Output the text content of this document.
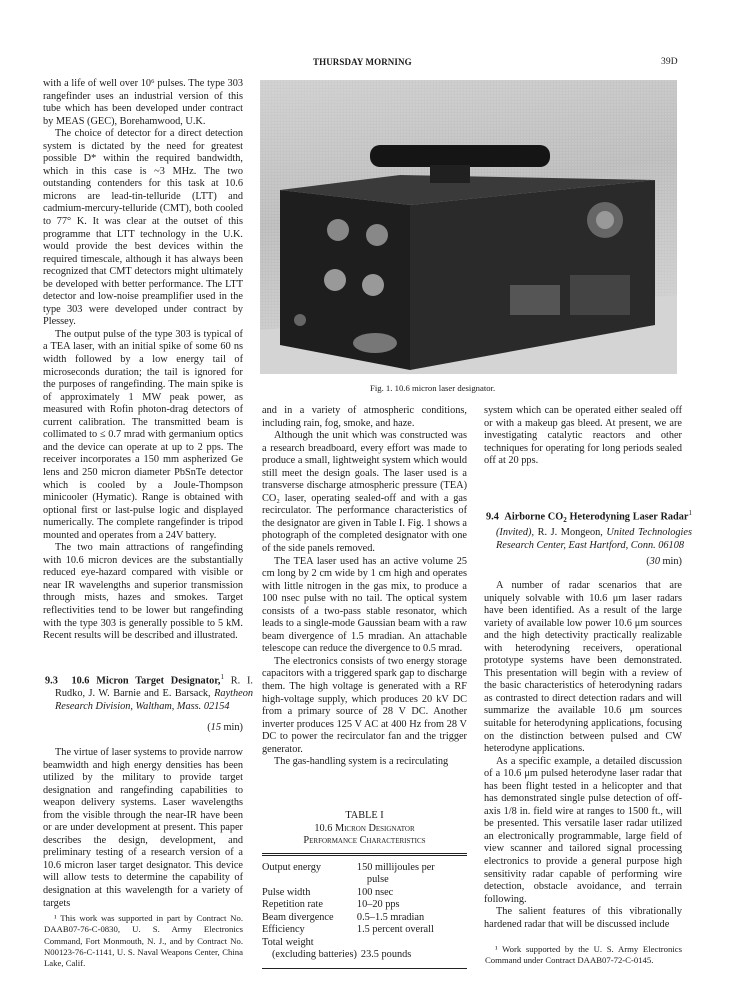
THURSDAY MORNING	39D

with a life of well over 10⁶ pulses. The type 303 rangefinder uses an industrial version of this tube which has been developed under contract by MEAS (GEC), Borehamwood, U.K.

The choice of detector for a direct detection system is dictated by the need for greatest possible D* within the required bandwidth, which in this case is ~3 MHz. The two outstanding contenders for this task at 10.6 microns are lead-tin-telluride (LTT) and cadmium-mercury-telluride (CMT), both cooled to 77° K. It was clear at the outset of this programme that LTT technology in the U.K. would provide the best devices within the required timescale, although it has always been recognized that CMT detectors might ultimately be developed with better performance. The LTT detector and low-noise preamplifier used in the type 303 were developed under contract by Plessey.

The output pulse of the type 303 is typical of a TEA laser, with an initial spike of some 60 ns width followed by a low energy tail of microseconds duration; the tail is ignored for the purposes of rangefinding. The main spike is of approximately 1 MW peak power, as measured with Rofin photon-drag detectors of current calibration. The transmitted beam is collimated to ≤ 0.7 mrad with germanium optics and the device can operate at up to 2 pps. The receiver incorporates a 150 mm aspherized Ge lens and 250 micron diameter PbSnTe detector which is cooled by a Joule-Thompson minicooler (Hymatic). Range is obtained with optional first or last-pulse logic and displayed numerically. The complete rangefinder is tripod mounted and operates from a 24V battery.

The two main attractions of rangefinding with 10.6 micron devices are the substantially reduced eye-hazard compared with visible or near IR wavelengths and superior transmission through mists, hazes and smokes. Target reflectivities tend to be lower but rangefinding with the type 303 is generally possible to 5 kM. Recent results will be described and illustrated.

9.3 10.6 Micron Target Designator,$^1$ R. I. Rudko, J. W. Barnie and E. Barsack, Raytheon Research Division, Waltham, Mass. 02154
(15 min)

The virtue of laser systems to provide narrow beamwidth and high energy densities has been utilized by the military to provide target designation and rangefinding capabilities to weapon delivery systems. Laser wavelengths from the visible through the near-IR have been or are under development at present. This paper describes the design, development, and preliminary testing of a research version of a 10.6 micron laser target designator. This device will allow tests to determine the capability of designation at this wavelength for a variety of targets

¹ This work was supported in part by Contract No. DAAB07-76-C-0830, U. S. Army Electronics Command, Fort Monmouth, N. J., and by Contract No. N00123-76-C-1141, U. S. Naval Weapons Center, China Lake, Calif.

Fig. 1. 10.6 micron laser designator.

and in a variety of atmospheric conditions, including rain, fog, smoke, and haze.

Although the unit which was constructed was a research breadboard, every effort was made to produce a small, lightweight system which would still meet the design goals. The laser used is a transverse discharge atmospheric pressure (TEA) CO₂ laser, operating sealed-off and with a gas recirculator. The performance characteristics of the designator are given in Table I. Fig. 1 shows a photograph of the completed designator with one of the side panels removed.

The TEA laser used has an active volume 25 cm long by 2 cm wide by 1 cm high and operates with little nitrogen in the gas mix, to produce a 100 nsec pulse with no tail. The optical system consists of a two-pass stable resonator, which leads to a single-mode Gaussian beam with a raw beam divergence of 1.5 mradian. An attachable telescope can reduce the divergence to 0.5 mrad.

The electronics consists of two energy storage capacitors with a triggered spark gap to discharge them. The high voltage is generated with a RF high-voltage supply, which produces 20 kV DC from a primary source of 28 V DC. Another inverter produces 125 V AC at 400 Hz from 28 V DC to power the recirculator fan and the trigger generator.

The gas-handling system is a recirculating

TABLE I
10.6 Micron Designator
Performance Characteristics
Output energy	150 millijoules per
	pulse
Pulse width	100 nsec
Repetition rate	10–20 pps
Beam divergence	0.5–1.5 mradian
Efficiency	1.5 percent overall
Total weight	
(excluding batteries)	23.5 pounds

system which can be operated either sealed off or with a makeup gas bleed. At present, we are investigating catalytic reactors and other techniques for operating for long periods sealed off at 20 pps.

9.4 Airborne $CO_2$ Heterodyning Laser Radar$^1$ (Invited), R. J. Mongeon, United Technologies Research Center, East Hartford, Conn. 06108
(30 min)

A number of radar scenarios that are uniquely solvable with 10.6 μm laser radars have been identified. As a result of the large variety of available low power 10.6 μm sources and the high detectivity practically realizable with heterodyning receivers, operational prototype systems have been demonstrated. This presentation will begin with a review of the basic characteristics of heterodyning radars as contrasted to direct detection radars and will summarize the available 10.6 μm sources suitable for heterodyning applications, focusing on the distinction between pulsed and CW heterodyne applications.

As a specific example, a detailed discussion of a 10.6 μm pulsed heterodyne laser radar that has been flight tested in a helicopter and that has demonstrated single pulse detection of off-axis 1/8 in. field wire at ranges to 1500 ft., will be presented. This versatile laser radar utilized an electronically programmable, large field of view scanner and tailored signal processing electronics to provide a general purpose high sensitivity radar capable of performing wire detection, obstacle avoidance, and terrain following.

The salient features of this vibrationally hardened radar that will be discussed include

¹ Work supported by the U. S. Army Electronics Command under Contract DAAB07-72-C-0145.
